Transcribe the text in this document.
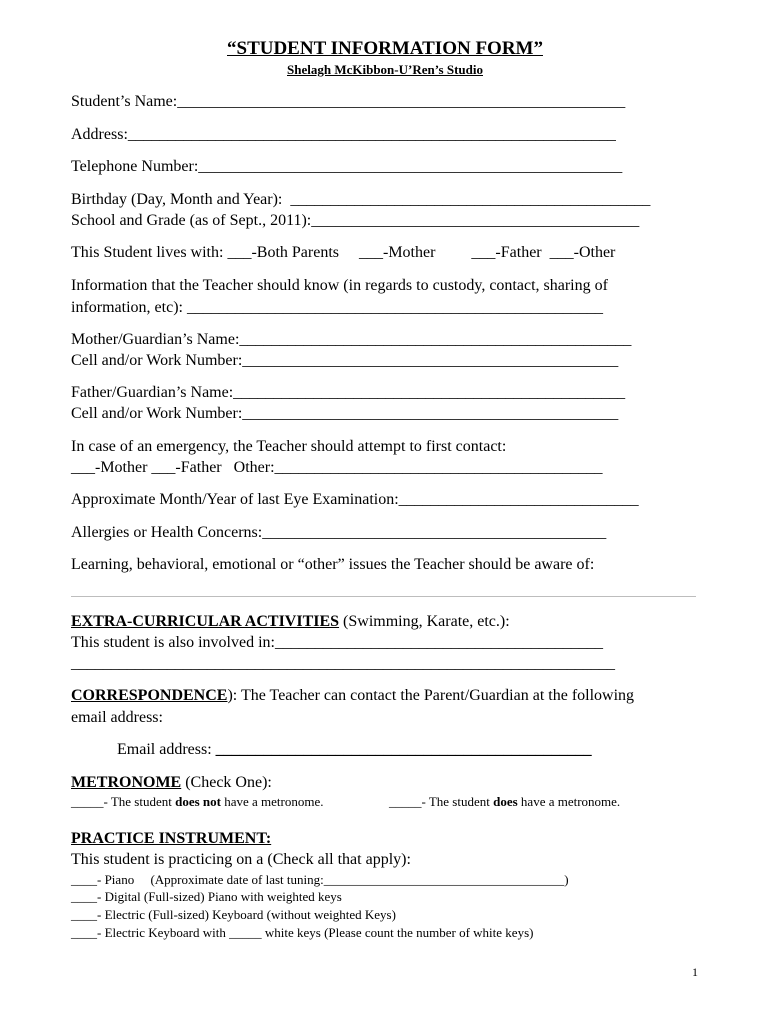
“STUDENT INFORMATION FORM”
Shelagh McKibbon-U’Ren’s Studio
Student’s Name:________________________________________________________
Address:_____________________________________________________________
Telephone Number:_____________________________________________________
Birthday (Day, Month and Year):  _____________________________________________
School and Grade (as of Sept., 2011):_________________________________________
This Student lives with: ___-Both Parents     ___-Mother         ___-Father  ___-Other
Information that the Teacher should know (in regards to custody, contact, sharing of
information, etc): ____________________________________________________
Mother/Guardian’s Name:_________________________________________________
Cell and/or Work Number:_______________________________________________
Father/Guardian’s Name:_________________________________________________
Cell and/or Work Number:_______________________________________________
In case of an emergency, the Teacher should attempt to first contact:
___-Mother ___-Father   Other:_________________________________________
Approximate Month/Year of last Eye Examination:______________________________
Allergies or Health Concerns:___________________________________________
Learning, behavioral, emotional or “other” issues the Teacher should be aware of:
EXTRA-CURRICULAR ACTIVITIES (Swimming, Karate, etc.):
This student is also involved in:_________________________________________
____________________________________________________________________
CORRESPONDENCE): The Teacher can contact the Parent/Guardian at the following
email address:
Email address: _______________________________________________
METRONOME (Check One):
_____- The student does not have a metronome.	_____- The student does have a metronome.
PRACTICE INSTRUMENT:
This student is practicing on a (Check all that apply):
____- Piano     (Approximate date of last tuning:_____________________________________)
____- Digital (Full-sized) Piano with weighted keys
____- Electric (Full-sized) Keyboard (without weighted Keys)
____- Electric Keyboard with _____ white keys (Please count the number of white keys)
1
